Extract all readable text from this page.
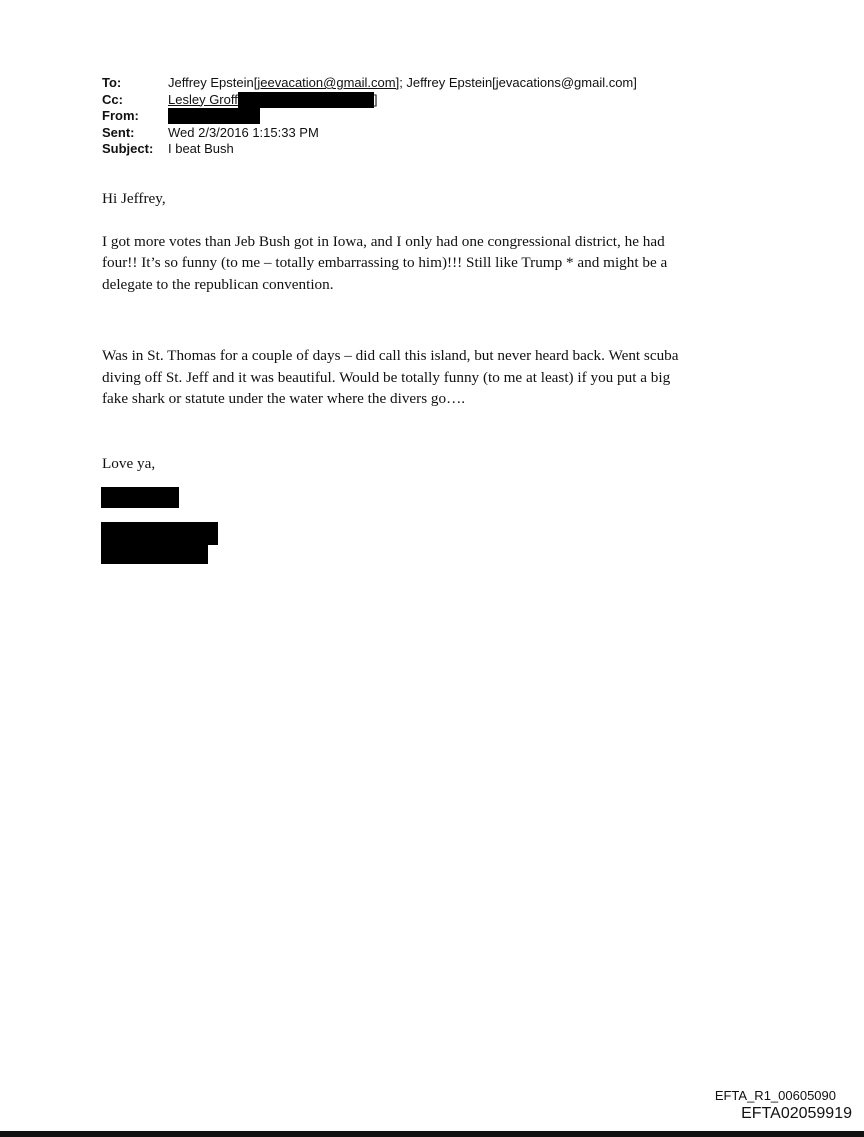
To:	Jeffrey Epstein[jeevacation@gmail.com]; Jeffrey Epstein[jevacations@gmail.com]
Cc:	Lesley Groff	]
From:
Sent:	Wed 2/3/2016 1:15:33 PM
Subject:	I beat Bush

Hi Jeffrey,

I got more votes than Jeb Bush got in Iowa, and I only had one congressional district, he had
four!! It’s so funny (to me – totally embarrassing to him)!!! Still like Trump * and might be a
delegate to the republican convention.

Was in St. Thomas for a couple of days – did call this island, but never heard back. Went scuba
diving off St. Jeff and it was beautiful. Would be totally funny (to me at least) if you put a big
fake shark or statute under the water where the divers go….

Love ya,

EFTA_R1_00605090
EFTA02059919
